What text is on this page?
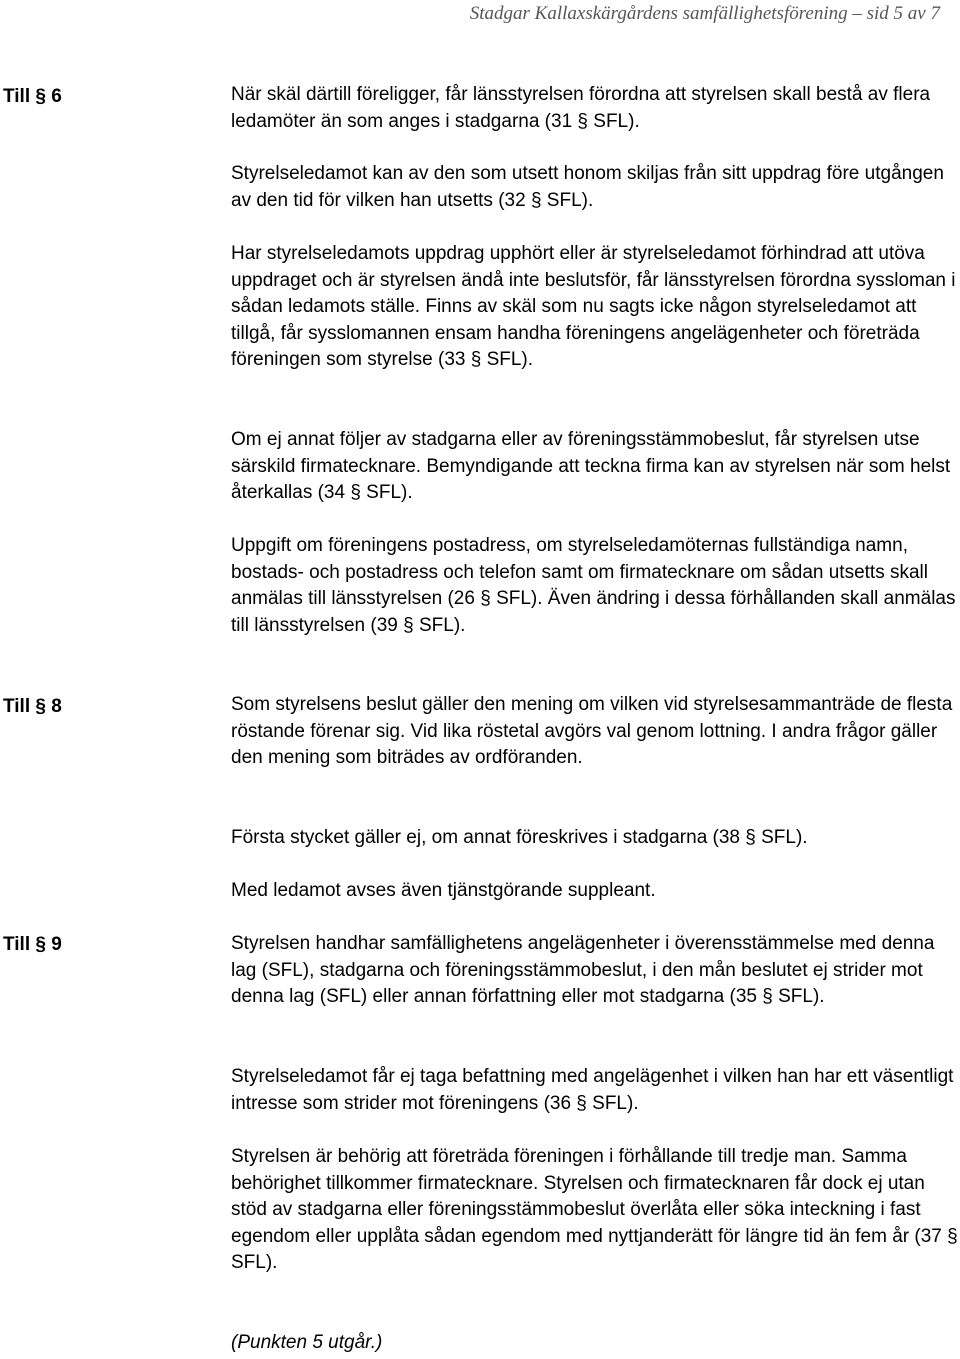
Stadgar Kallaxskärgårdens samfällighetsförening – sid 5 av 7
Till § 6	När skäl därtill föreligger, får länsstyrelsen förordna att styrelsen skall bestå av flera ledamöter än som anges i stadgarna (31 § SFL).

Styrelseledamot kan av den som utsett honom skiljas från sitt uppdrag före utgången av den tid för vilken han utsetts (32 § SFL).

Har styrelseledamots uppdrag upphört eller är styrelseledamot förhindrad att utöva uppdraget och är styrelsen ändå inte beslutsför, får länsstyrelsen förordna syssloman i sådan ledamots ställe. Finns av skäl som nu sagts icke någon styrelseledamot att tillgå, får sysslomannen ensam handha föreningens angelägenheter och företräda föreningen som styrelse (33 § SFL).

Om ej annat följer av stadgarna eller av föreningsstämmobeslut, får styrelsen utse särskild firmatecknare. Bemyndigande att teckna firma kan av styrelsen när som helst återkallas (34 § SFL).

Uppgift om föreningens postadress, om styrelseledamöternas fullständiga namn, bostads- och postadress och telefon samt om firmatecknare om sådan utsetts skall anmälas till länsstyrelsen (26 § SFL). Även ändring i dessa förhållanden skall anmälas till länsstyrelsen (39 § SFL).

Till § 8	Som styrelsens beslut gäller den mening om vilken vid styrelsesammanträde de flesta röstande förenar sig. Vid lika röstetal avgörs val genom lottning. I andra frågor gäller den mening som biträdes av ordföranden.

Första stycket gäller ej, om annat föreskrives i stadgarna (38 § SFL).

Med ledamot avses även tjänstgörande suppleant.

Till § 9	Styrelsen handhar samfällighetens angelägenheter i överensstämmelse med denna lag (SFL), stadgarna och föreningsstämmobeslut, i den mån beslutet ej strider mot denna lag (SFL) eller annan författning eller mot stadgarna (35 § SFL).

Styrelseledamot får ej taga befattning med angelägenhet i vilken han har ett väsentligt intresse som strider mot föreningens (36 § SFL).

Styrelsen är behörig att företräda föreningen i förhållande till tredje man. Samma behörighet tillkommer firmatecknare. Styrelsen och firmatecknaren får dock ej utan stöd av stadgarna eller föreningsstämmobeslut överlåta eller söka inteckning i fast egendom eller upplåta sådan egendom med nyttjanderätt för längre tid än fem år (37 § SFL).

(Punkten 5 utgår.)
